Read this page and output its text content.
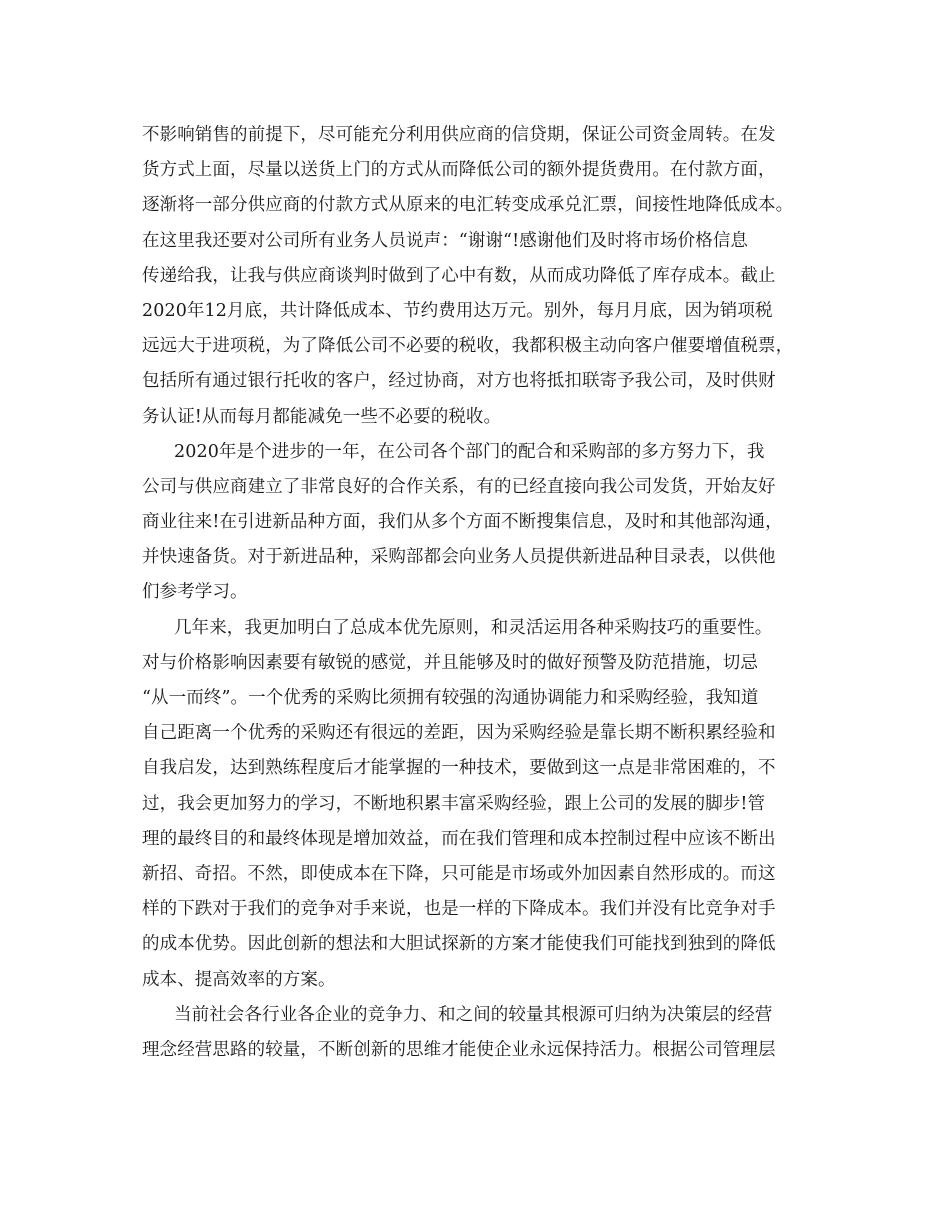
不影响销售的前提下，尽可能充分利用供应商的信贷期，保证公司资金周转。在发
货方式上面，尽量以送货上门的方式从而降低公司的额外提货费用。在付款方面，
逐渐将一部分供应商的付款方式从原来的电汇转变成承兑汇票，间接性地降低成本。
在这里我还要对公司所有业务人员说声：“谢谢“!感谢他们及时将市场价格信息
传递给我，让我与供应商谈判时做到了心中有数，从而成功降低了库存成本。截止
2020年12月底，共计降低成本、节约费用达万元。别外，每月月底，因为销项税
远远大于进项税，为了降低公司不必要的税收，我都积极主动向客户催要增值税票，
包括所有通过银行托收的客户，经过协商，对方也将抵扣联寄予我公司，及时供财
务认证!从而每月都能减免一些不必要的税收。
2020年是个进步的一年，在公司各个部门的配合和采购部的多方努力下，我
公司与供应商建立了非常良好的合作关系，有的已经直接向我公司发货，开始友好
商业往来!在引进新品种方面，我们从多个方面不断搜集信息，及时和其他部沟通，
并快速备货。对于新进品种，采购部都会向业务人员提供新进品种目录表，以供他
们参考学习。
几年来，我更加明白了总成本优先原则，和灵活运用各种采购技巧的重要性。
对与价格影响因素要有敏锐的感觉，并且能够及时的做好预警及防范措施，切忌
“从一而终”。一个优秀的采购比须拥有较强的沟通协调能力和采购经验，我知道
自己距离一个优秀的采购还有很远的差距，因为采购经验是靠长期不断积累经验和
自我启发，达到熟练程度后才能掌握的一种技术，要做到这一点是非常困难的，不
过，我会更加努力的学习，不断地积累丰富采购经验，跟上公司的发展的脚步!管
理的最终目的和最终体现是增加效益，而在我们管理和成本控制过程中应该不断出
新招、奇招。不然，即使成本在下降，只可能是市场或外加因素自然形成的。而这
样的下跌对于我们的竞争对手来说，也是一样的下降成本。我们并没有比竞争对手
的成本优势。因此创新的想法和大胆试探新的方案才能使我们可能找到独到的降低
成本、提高效率的方案。
当前社会各行业各企业的竞争力、和之间的较量其根源可归纳为决策层的经营
理念经营思路的较量，不断创新的思维才能使企业永远保持活力。根据公司管理层
